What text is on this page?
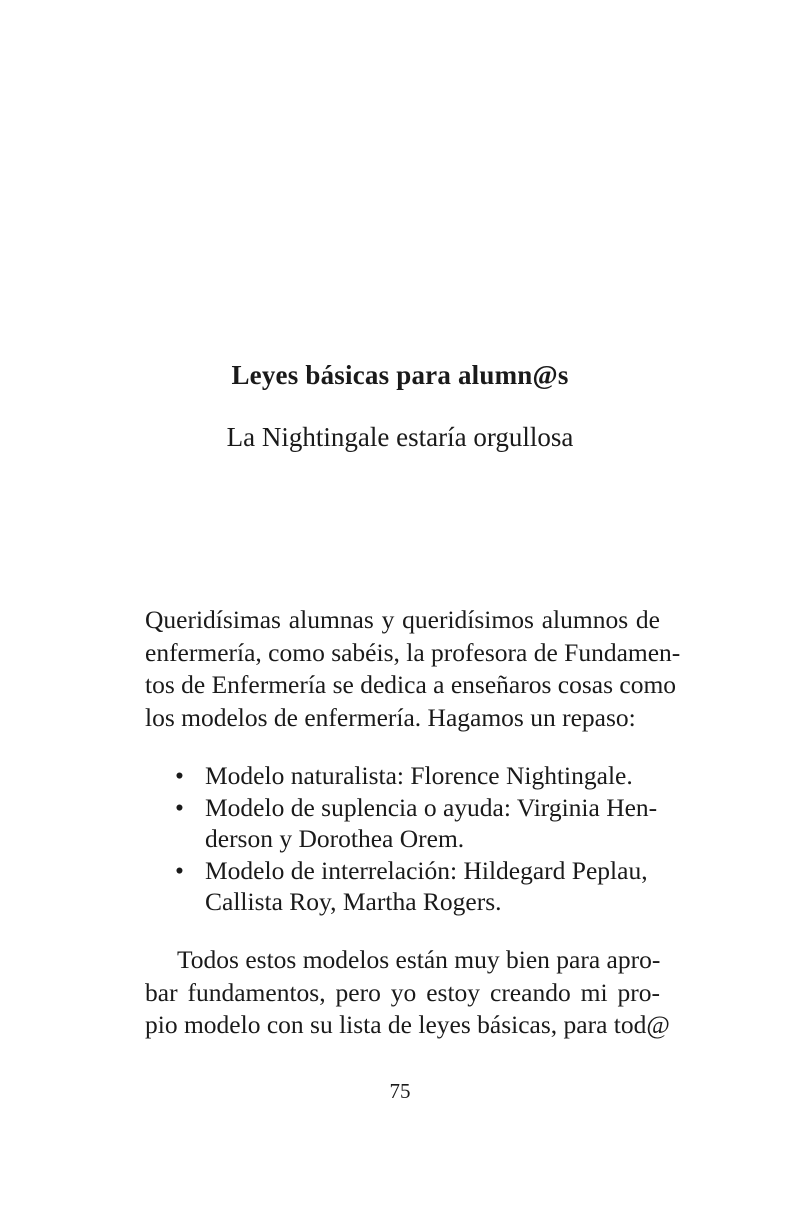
Leyes básicas para alumn@s
La Nightingale estaría orgullosa
Queridísimas alumnas y queridísimos alumnos de
enfermería, como sabéis, la profesora de Fundamen-
tos de Enfermería se dedica a enseñaros cosas como
los modelos de enfermería. Hagamos un repaso:
• Modelo naturalista: Florence Nightingale.
• Modelo de suplencia o ayuda: Virginia Hen-
derson y Dorothea Orem.
• Modelo de interrelación: Hildegard Peplau,
Callista Roy, Martha Rogers.
Todos estos modelos están muy bien para apro-
bar fundamentos, pero yo estoy creando mi pro-
pio modelo con su lista de leyes básicas, para tod@
75
